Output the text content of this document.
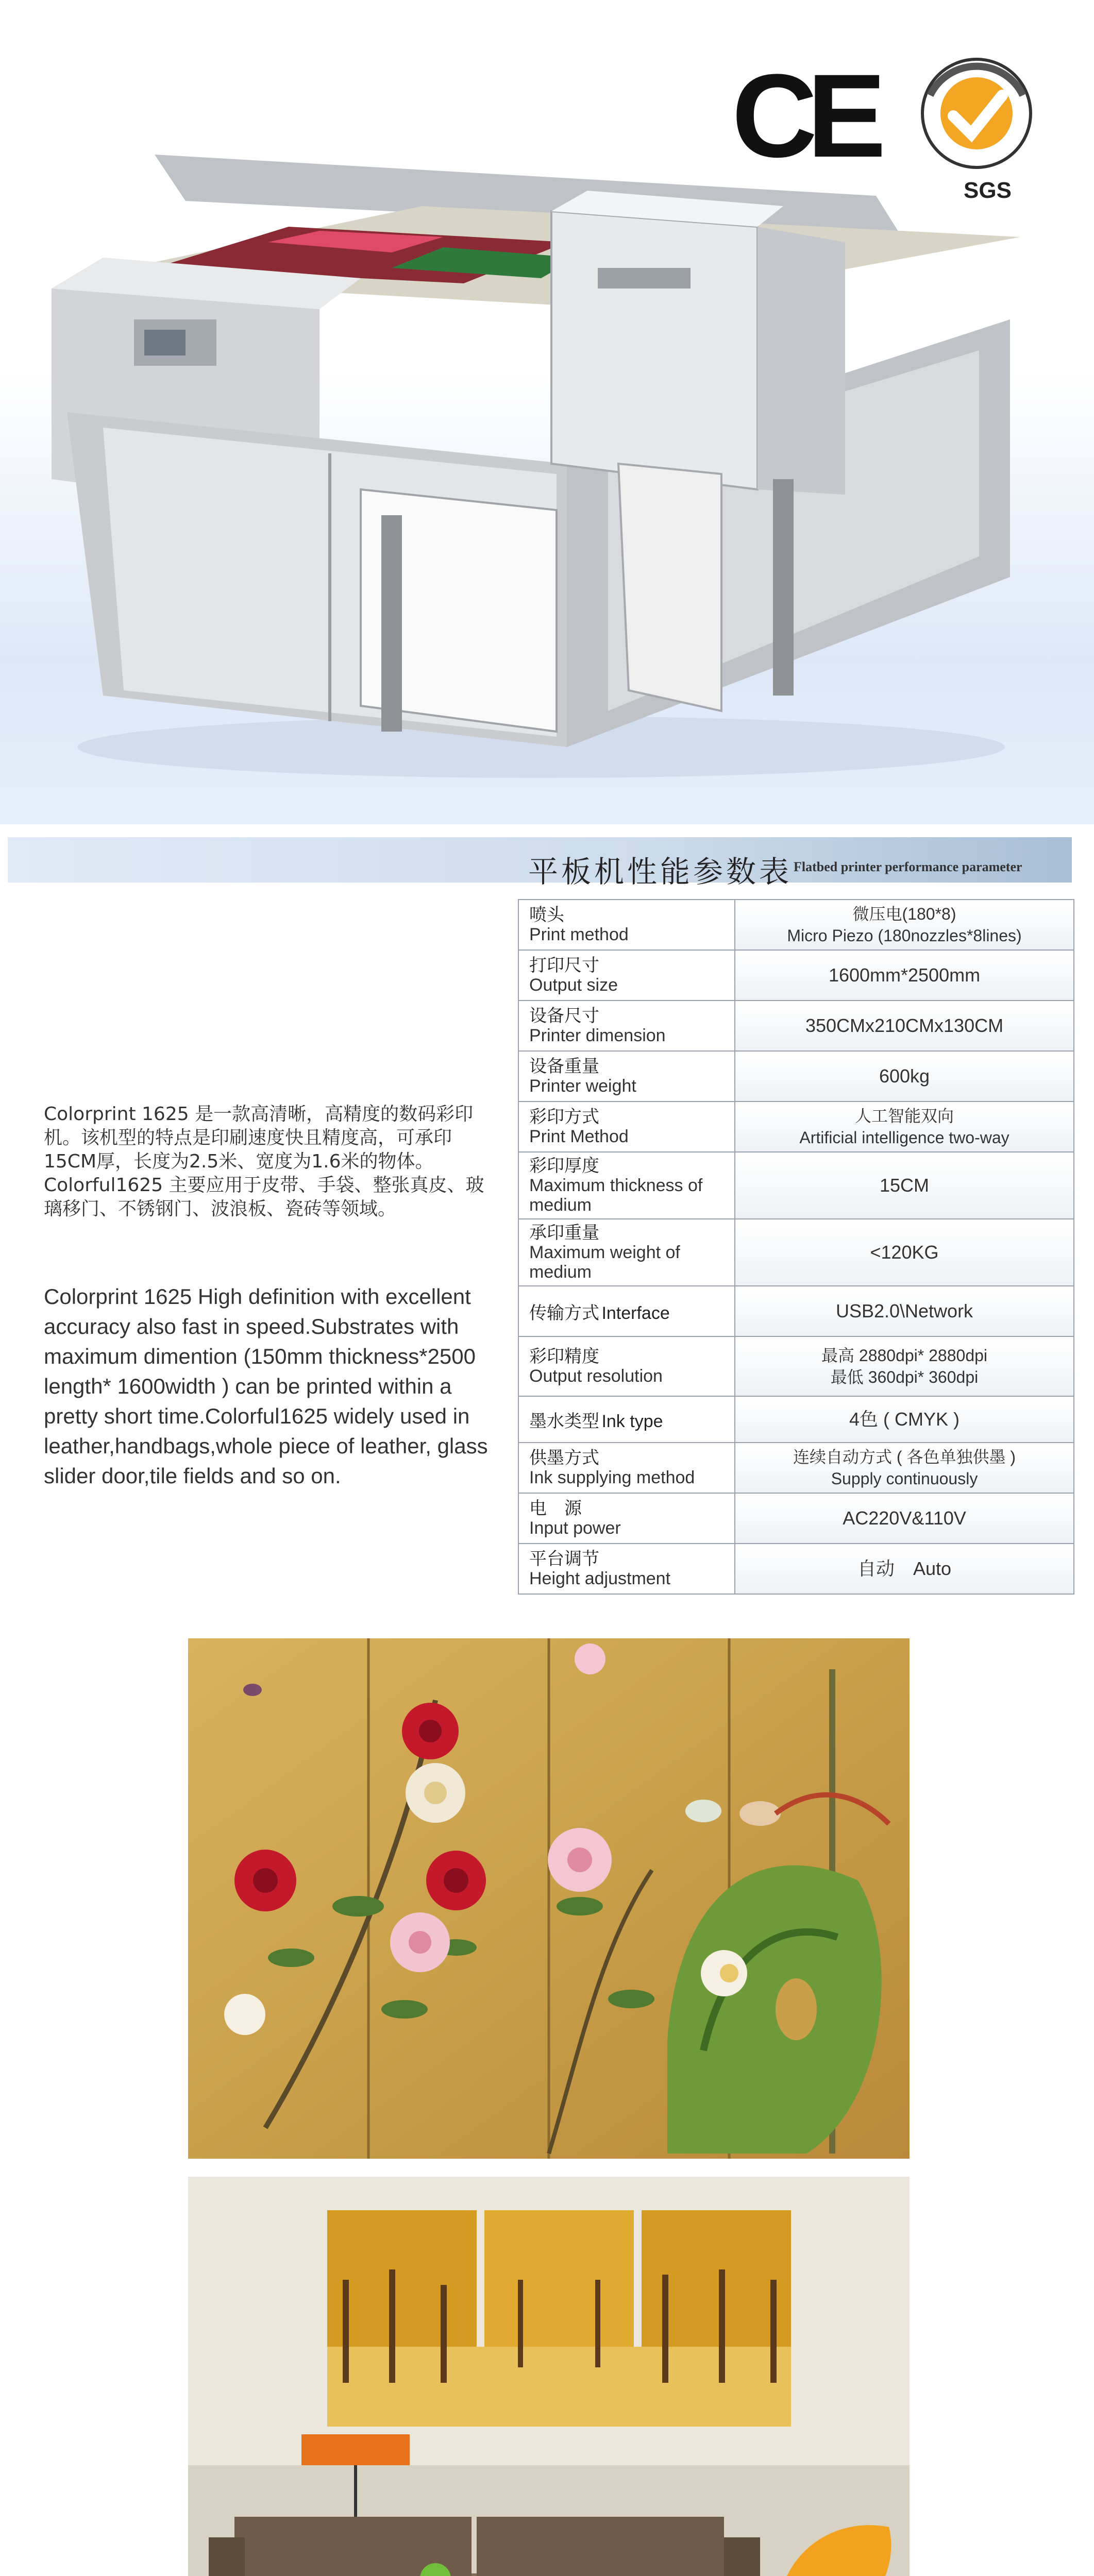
CE
SGS
平板机性能参数表 Flatbed printer performance parameter
Colorprint 1625 是一款高清晰，高精度的数码彩印机。该机型的特点是印刷速度快且精度高，可承印15CM厚，长度为2.5米、宽度为1.6米的物体。Colorful1625 主要应用于皮带、手袋、整张真皮、玻璃移门、不锈钢门、波浪板、瓷砖等领域。
Colorprint 1625 High definition with excellent accuracy also fast in speed.Substrates with maximum dimention (150mm thickness*2500 length* 1600width ) can be printed within a pretty short time.Colorful1625 widely used in leather,handbags,whole piece of leather, glass slider door,tile fields and so on.
喷头
Print method	微压电(180*8)
Micro Piezo (180nozzles*8lines)

打印尺寸
Output size	1600mm*2500mm

设备尺寸
Printer dimension	350CMx210CMx130CM

设备重量
Printer weight	600kg

彩印方式
Print Method	人工智能双向
Artificial intelligence two-way

彩印厚度
Maximum thickness of medium	15CM

承印重量
Maximum weight of medium	<120KG

传输方式 Interface	USB2.0\Network

彩印精度
Output resolution	最高 2880dpi* 2880dpi
最低 360dpi* 360dpi

墨水类型 Ink type	4色 ( CMYK )

供墨方式
Ink supplying method	连续自动方式 ( 各色单独供墨 )
Supply continuously

电　源
Input power	AC220V&110V

平台调节
Height adjustment	自动　Auto
